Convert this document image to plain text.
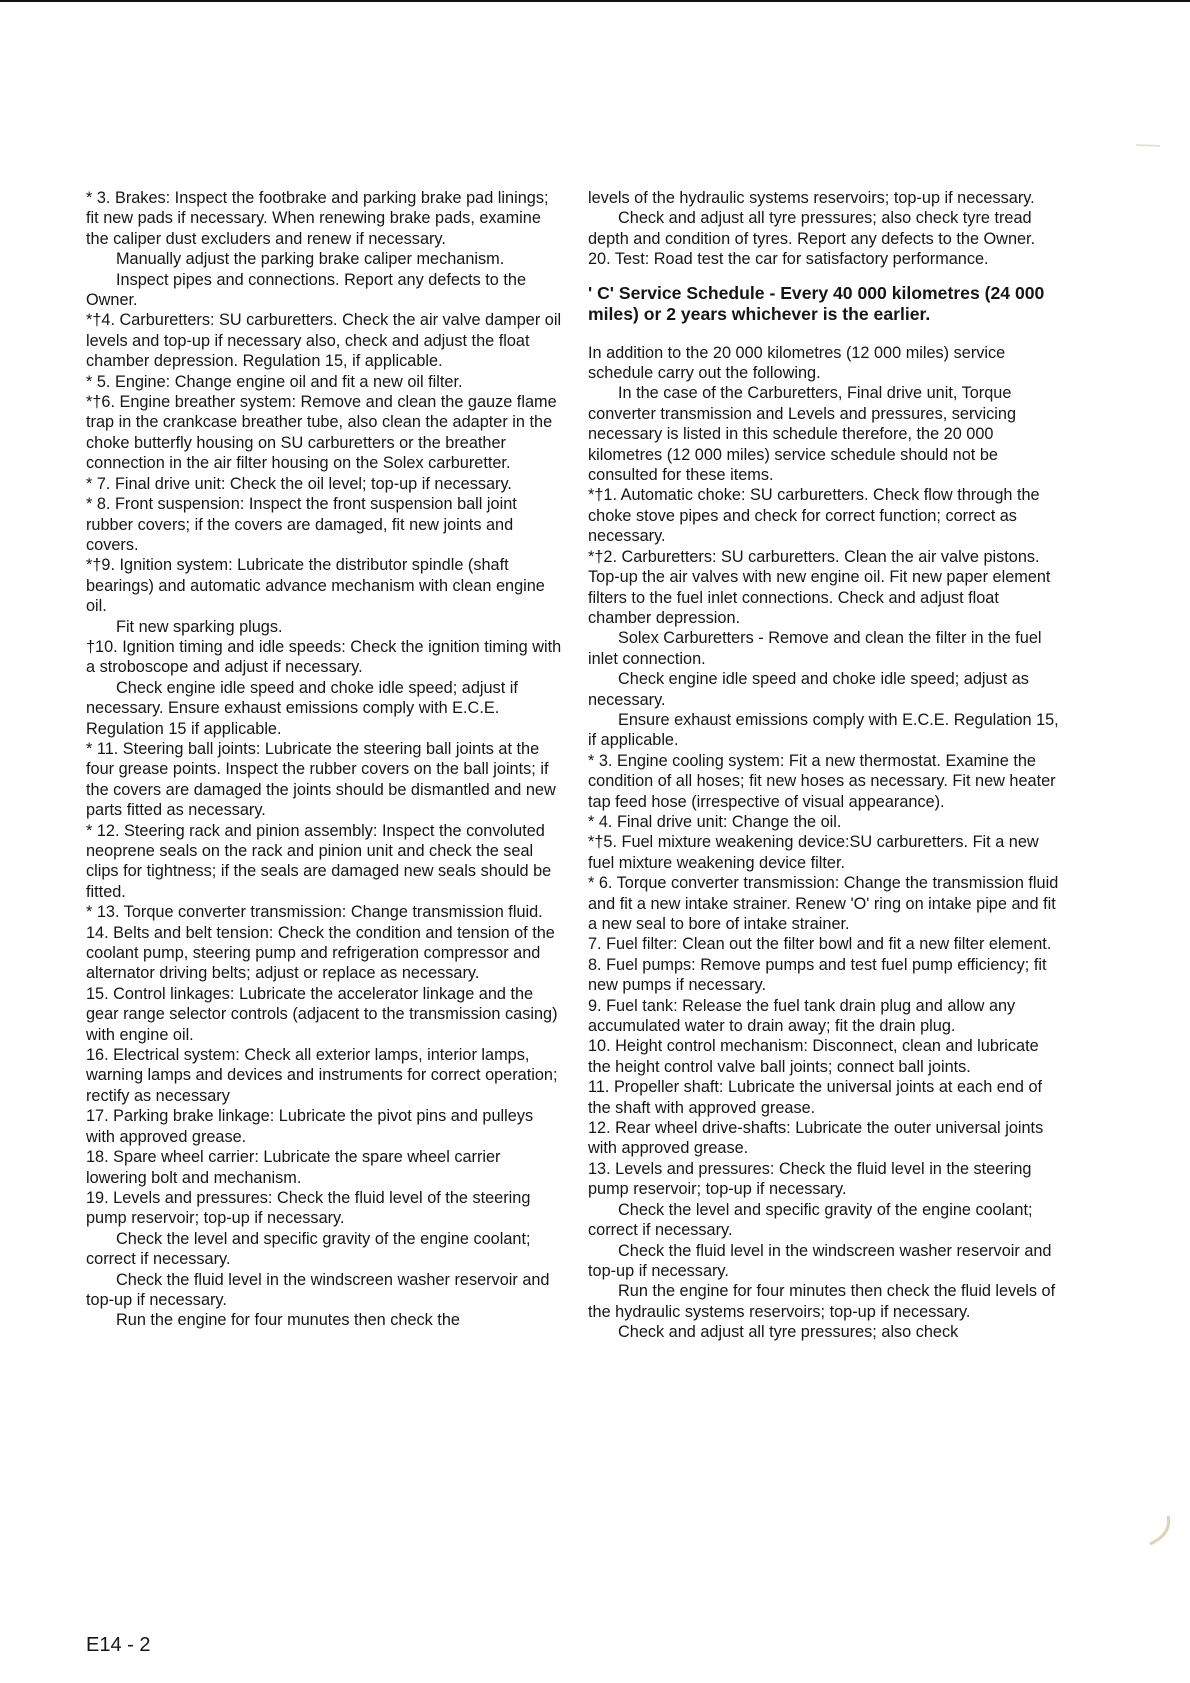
* 3. Brakes: Inspect the footbrake and parking brake pad linings; fit new pads if necessary. When renewing brake pads, examine the caliper dust excluders and renew if necessary.

Manually adjust the parking brake caliper mechanism.

Inspect pipes and connections. Report any defects to the Owner.

*†4. Carburetters: SU carburetters. Check the air valve damper oil levels and top-up if necessary also, check and adjust the float chamber depression. Regulation 15, if applicable.

* 5. Engine: Change engine oil and fit a new oil filter.

*†6. Engine breather system: Remove and clean the gauze flame trap in the crankcase breather tube, also clean the adapter in the choke butterfly housing on SU carburetters or the breather connection in the air filter housing on the Solex carburetter.

* 7. Final drive unit: Check the oil level; top-up if necessary.

* 8. Front suspension: Inspect the front suspension ball joint rubber covers; if the covers are damaged, fit new joints and covers.

*†9. Ignition system: Lubricate the distributor spindle (shaft bearings) and automatic advance mechanism with clean engine oil.

Fit new sparking plugs.

†10. Ignition timing and idle speeds: Check the ignition timing with a stroboscope and adjust if necessary.

Check engine idle speed and choke idle speed; adjust if necessary. Ensure exhaust emissions comply with E.C.E. Regulation 15 if applicable.

* 11. Steering ball joints: Lubricate the steering ball joints at the four grease points. Inspect the rubber covers on the ball joints; if the covers are damaged the joints should be dismantled and new parts fitted as necessary.

* 12. Steering rack and pinion assembly: Inspect the convoluted neoprene seals on the rack and pinion unit and check the seal clips for tightness; if the seals are damaged new seals should be fitted.

* 13. Torque converter transmission: Change transmission fluid.

14. Belts and belt tension: Check the condition and tension of the coolant pump, steering pump and refrigeration compressor and alternator driving belts; adjust or replace as necessary.

15. Control linkages: Lubricate the accelerator linkage and the gear range selector controls (adjacent to the transmission casing) with engine oil.

16. Electrical system: Check all exterior lamps, interior lamps, warning lamps and devices and instruments for correct operation; rectify as necessary

17. Parking brake linkage: Lubricate the pivot pins and pulleys with approved grease.

18. Spare wheel carrier: Lubricate the spare wheel carrier lowering bolt and mechanism.

19. Levels and pressures: Check the fluid level of the steering pump reservoir; top-up if necessary.

Check the level and specific gravity of the engine coolant; correct if necessary.

Check the fluid level in the windscreen washer reservoir and top-up if necessary.

Run the engine for four munutes then check the

levels of the hydraulic systems reservoirs; top-up if necessary.

Check and adjust all tyre pressures; also check tyre tread depth and condition of tyres. Report any defects to the Owner.

20. Test: Road test the car for satisfactory performance.

' C' Service Schedule - Every 40 000 kilometres (24 000 miles) or 2 years whichever is the earlier.

In addition to the 20 000 kilometres (12 000 miles) service schedule carry out the following.

In the case of the Carburetters, Final drive unit, Torque converter transmission and Levels and pressures, servicing necessary is listed in this schedule therefore, the 20 000 kilometres (12 000 miles) service schedule should not be consulted for these items.

*†1. Automatic choke: SU carburetters. Check flow through the choke stove pipes and check for correct function; correct as necessary.

*†2. Carburetters: SU carburetters. Clean the air valve pistons. Top-up the air valves with new engine oil. Fit new paper element filters to the fuel inlet connections. Check and adjust float chamber depression.

Solex Carburetters - Remove and clean the filter in the fuel inlet connection.

Check engine idle speed and choke idle speed; adjust as necessary.

Ensure exhaust emissions comply with E.C.E. Regulation 15, if applicable.

* 3. Engine cooling system: Fit a new thermostat. Examine the condition of all hoses; fit new hoses as necessary. Fit new heater tap feed hose (irrespective of visual appearance).

* 4. Final drive unit: Change the oil.

*†5. Fuel mixture weakening device:SU carburetters. Fit a new fuel mixture weakening device filter.

* 6. Torque converter transmission: Change the transmission fluid and fit a new intake strainer. Renew 'O' ring on intake pipe and fit a new seal to bore of intake strainer.

7. Fuel filter: Clean out the filter bowl and fit a new filter element.

8. Fuel pumps: Remove pumps and test fuel pump efficiency; fit new pumps if necessary.

9. Fuel tank: Release the fuel tank drain plug and allow any accumulated water to drain away; fit the drain plug.

10. Height control mechanism: Disconnect, clean and lubricate the height control valve ball joints; connect ball joints.

11. Propeller shaft: Lubricate the universal joints at each end of the shaft with approved grease.

12. Rear wheel drive-shafts: Lubricate the outer universal joints with approved grease.

13. Levels and pressures: Check the fluid level in the steering pump reservoir; top-up if necessary.

Check the level and specific gravity of the engine coolant; correct if necessary.

Check the fluid level in the windscreen washer reservoir and top-up if necessary.

Run the engine for four minutes then check the fluid levels of the hydraulic systems reservoirs; top-up if necessary.

Check and adjust all tyre pressures; also check

E14 - 2
